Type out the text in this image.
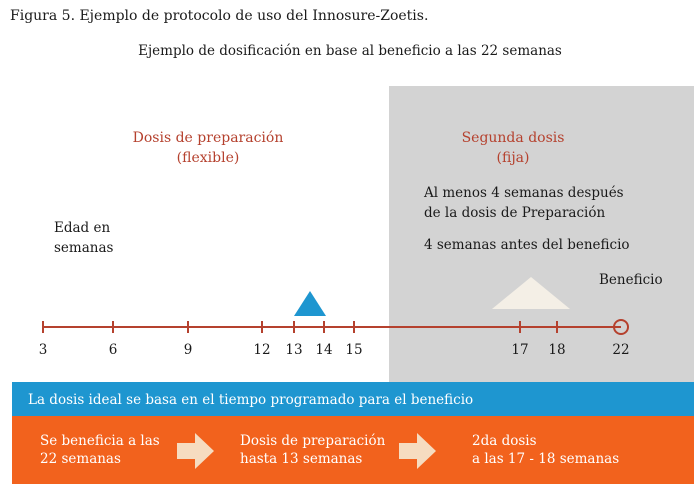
Figura 5. Ejemplo de protocolo de uso del Innosure-Zoetis.
Ejemplo de dosificación en base al beneficio a las 22 semanas
Dosis de preparación
(flexible)
Segunda dosis
(fija)
Al menos 4 semanas después
de la dosis de Preparación
4 semanas antes del beneficio
Edad en
semanas
Beneficio
3	6	9	12	13 14 15	17	18	22
La dosis ideal se basa en el tiempo programado para el beneficio
Se beneficia a las
22 semanas
Dosis de preparación
hasta 13 semanas
2da dosis
a las 17 - 18 semanas
